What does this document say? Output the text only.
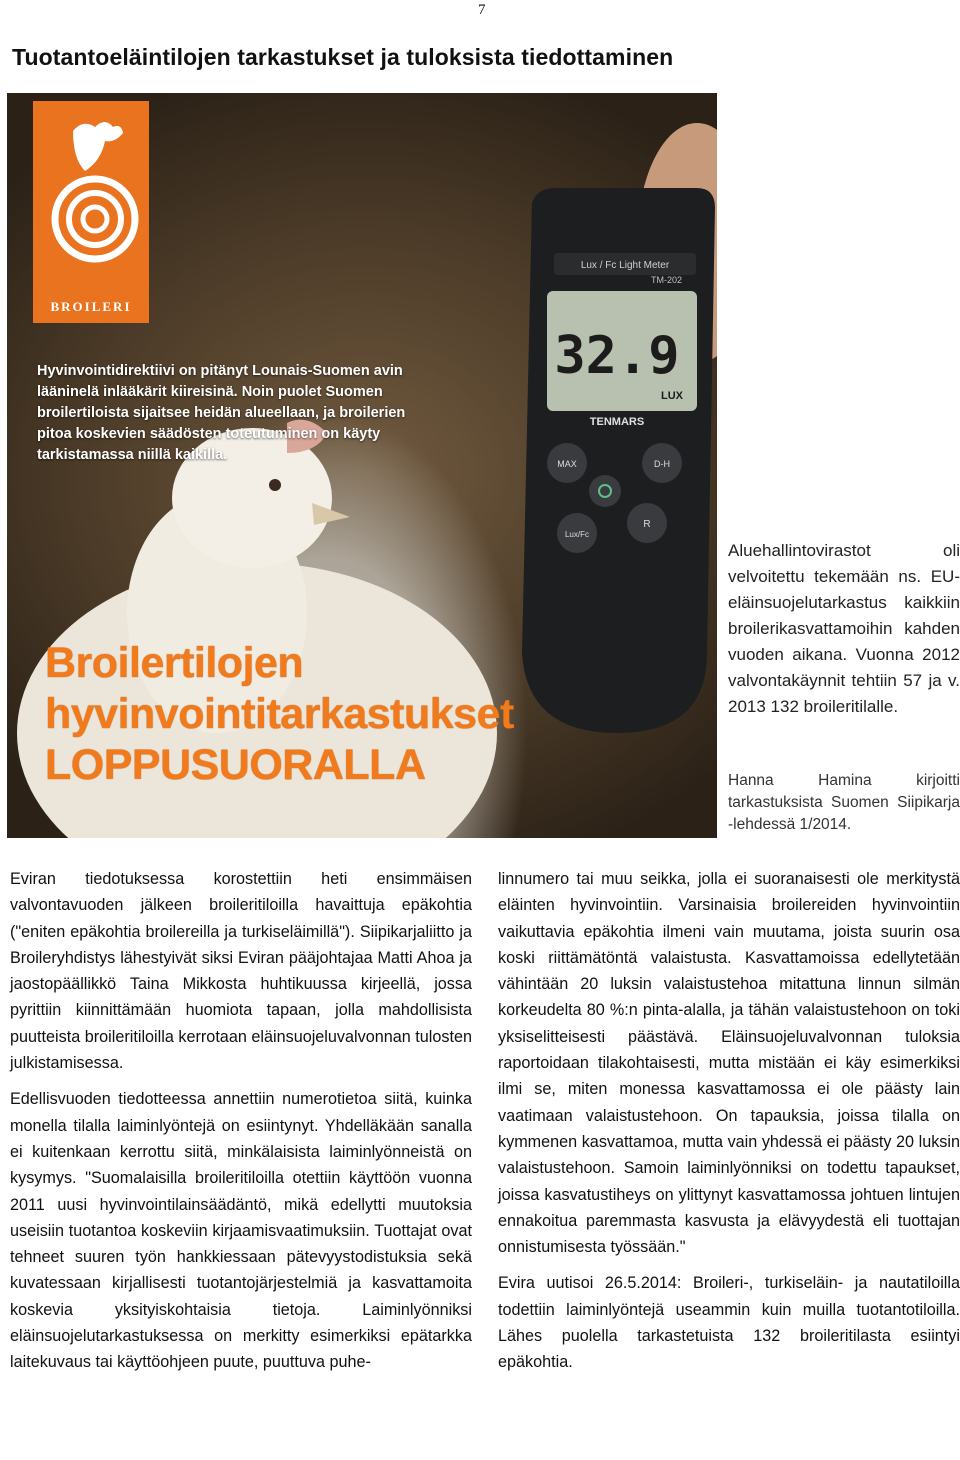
7
Tuotantoeläintilojen tarkastukset ja tuloksista tiedottaminen
Lux / Fc Light Meter
TM-202
32.9
LUX
TENMARS
MAX	D-H
Lux/Fc
R
BROILERI
Hyvinvointidirektiivi on pitänyt Lounais-Suomen avin lääninelä inlääkärit kiireisinä. Noin puolet Suomen broilertiloista sijaitsee heidän alueellaan, ja broilerien pitoa koskevien säädösten toteutuminen on käyty tarkistamassa niillä kaikilla.
Broilertilojen
hyvinvointitarkastukset
LOPPUSUORALLA
Aluehallintovirastot oli velvoitettu tekemään ns. EU-eläinsuojelutarkastus kaikkiin broilerikasvattamoihin kahden vuoden aikana. Vuonna 2012 valvontakäynnit tehtiin 57 ja v. 2013 132 broileritilalle.
Hanna Hamina kirjoitti tarkastuksista Suomen Siipikarja -lehdessä 1/2014.

Eviran tiedotuksessa korostettiin heti ensimmäisen valvontavuoden jälkeen broileritiloilla havaittuja epäkohtia ("eniten epäkohtia broilereilla ja turkiseläimillä"). Siipikarjaliitto ja Broileryhdistys lähestyivät siksi Eviran pääjohtajaa Matti Ahoa ja jaostopäällikkö Taina Mikkosta huhtikuussa kirjeellä, jossa pyrittiin kiinnittämään huomiota tapaan, jolla mahdollisista puutteista broileritiloilla kerrotaan eläinsuojeluvalvonnan tulosten julkistamisessa.

Edellisvuoden tiedotteessa annettiin numerotietoa siitä, kuinka monella tilalla laiminlyöntejä on esiintynyt. Yhdelläkään sanalla ei kuitenkaan kerrottu siitä, minkälaisista laiminlyönneistä on kysymys. "Suomalaisilla broileritiloilla otettiin käyttöön vuonna 2011 uusi hyvinvointilainsäädäntö, mikä edellytti muutoksia useisiin tuotantoa koskeviin kirjaamisvaatimuksiin. Tuottajat ovat tehneet suuren työn hankkiessaan pätevyystodistuksia sekä kuvatessaan kirjallisesti tuotantojärjestelmiä ja kasvattamoita koskevia yksityiskohtaisia tietoja. Laiminlyönniksi eläinsuojelutarkastuksessa on merkitty esimerkiksi epätarkka laitekuvaus tai käyttöohjeen puute, puuttuva puhe-

linnumero tai muu seikka, jolla ei suoranaisesti ole merkitystä eläinten hyvinvointiin. Varsinaisia broilereiden hyvinvointiin vaikuttavia epäkohtia ilmeni vain muutama, joista suurin osa koski riittämätöntä valaistusta. Kasvattamoissa edellytetään vähintään 20 luksin valaistustehoa mitattuna linnun silmän korkeudelta 80 %:n pinta-alalla, ja tähän valaistustehoon on toki yksiselitteisesti päästävä. Eläinsuojeluvalvonnan tuloksia raportoidaan tilakohtaisesti, mutta mistään ei käy esimerkiksi ilmi se, miten monessa kasvattamossa ei ole päästy lain vaatimaan valaistustehoon. On tapauksia, joissa tilalla on kymmenen kasvattamoa, mutta vain yhdessä ei päästy 20 luksin valaistustehoon. Samoin laiminlyönniksi on todettu tapaukset, joissa kasvatustiheys on ylittynyt kasvattamossa johtuen lintujen ennakoitua paremmasta kasvusta ja elävyydestä eli tuottajan onnistumisesta työssään."

Evira uutisoi 26.5.2014: Broileri-, turkiseläin- ja nautatiloilla todettiin laiminlyöntejä useammin kuin muilla tuotantotiloilla. Lähes puolella tarkastetuista 132 broileritilasta esiintyi epäkohtia.
